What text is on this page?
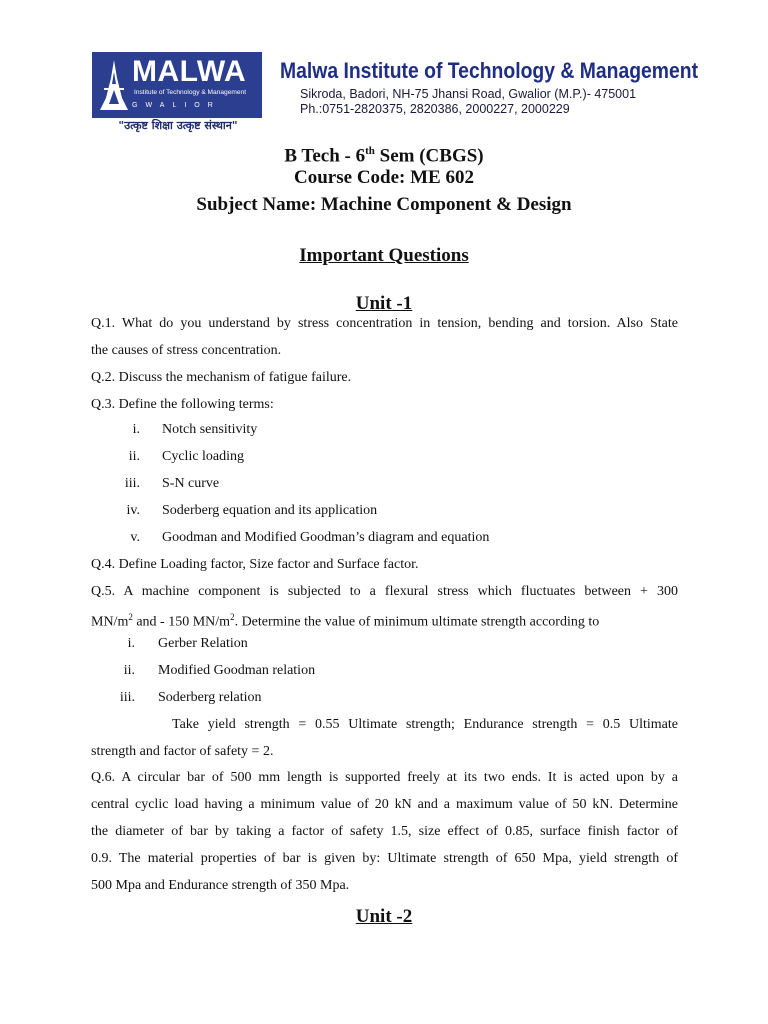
MALWA
Institute of Technology & Management
GWALIOR
"उत्कृष्ट शिक्षा उत्कृष्ट संस्थान"
Malwa Institute of Technology & Management
Sikroda, Badori, NH-75 Jhansi Road, Gwalior (M.P.)- 475001
Ph.:0751-2820375, 2820386, 2000227, 2000229
B Tech - 6th Sem (CBGS)
Course Code: ME 602
Subject Name: Machine Component & Design
Important Questions
Unit -1
Q.1. What do you understand by stress concentration in tension, bending and torsion. Also State
the causes of stress concentration.
Q.2. Discuss the mechanism of fatigue failure.
Q.3. Define the following terms:
i. Notch sensitivity
ii. Cyclic loading
iii. S-N curve
iv. Soderberg equation and its application
v. Goodman and Modified Goodman’s diagram and equation
Q.4. Define Loading factor, Size factor and Surface factor.
Q.5. A machine component is subjected to a flexural stress which fluctuates between + 300
$MN/m^2$ and - 150 $MN/m^2$. Determine the value of minimum ultimate strength according to
i. Gerber Relation
ii. Modified Goodman relation
iii. Soderberg relation
Take yield strength = 0.55 Ultimate strength; Endurance strength = 0.5 Ultimate
strength and factor of safety = 2.
Q.6. A circular bar of 500 mm length is supported freely at its two ends. It is acted upon by a
central cyclic load having a minimum value of 20 kN and a maximum value of 50 kN. Determine
the diameter of bar by taking a factor of safety 1.5, size effect of 0.85, surface finish factor of
0.9. The material properties of bar is given by: Ultimate strength of 650 Mpa, yield strength of
500 Mpa and Endurance strength of 350 Mpa.
Unit -2
